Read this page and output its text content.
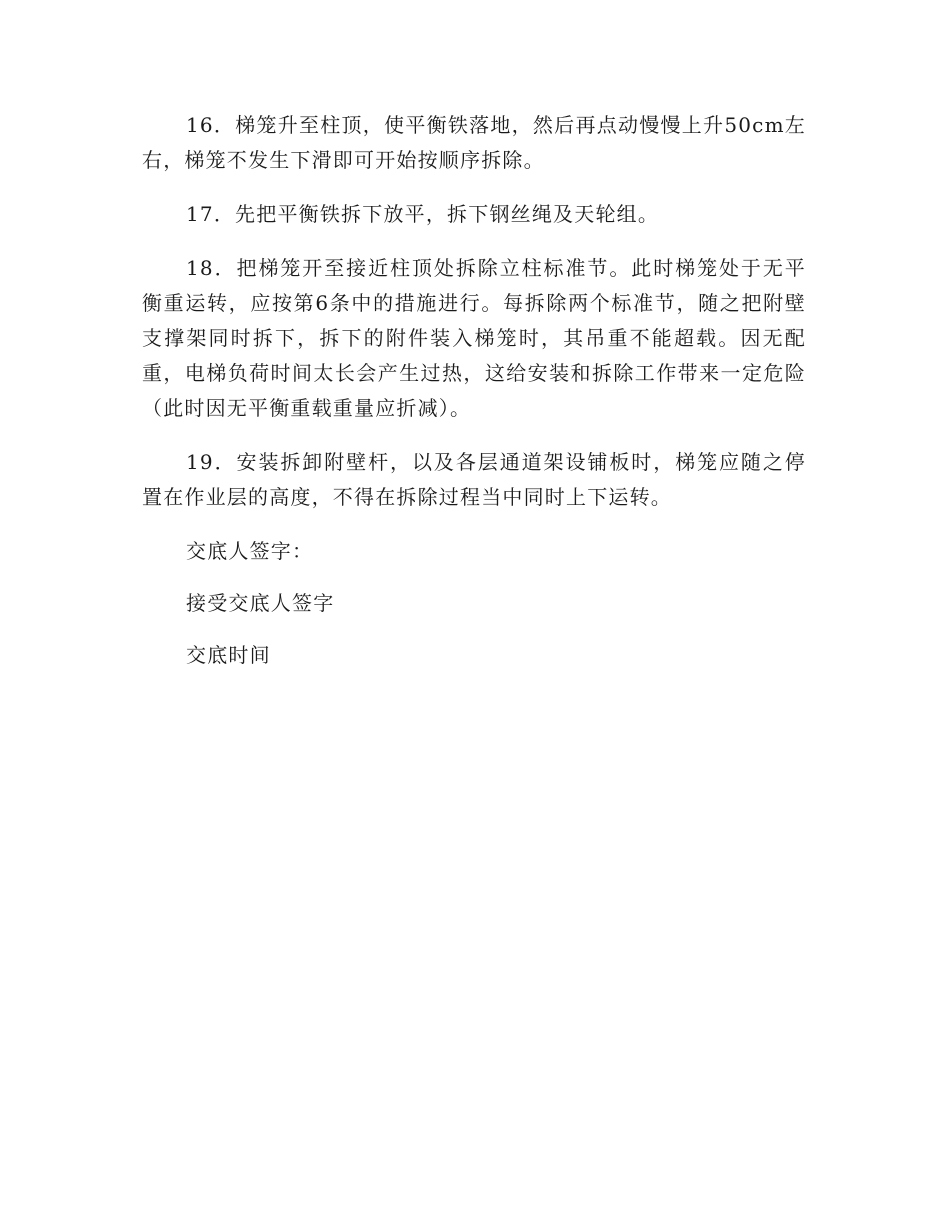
16．梯笼升至柱顶，使平衡铁落地，然后再点动慢慢上升50cm左右，梯笼不发生下滑即可开始按顺序拆除。

17．先把平衡铁拆下放平，拆下钢丝绳及天轮组。

18．把梯笼开至接近柱顶处拆除立柱标准节。此时梯笼处于无平衡重运转，应按第6条中的措施进行。每拆除两个标准节，随之把附壁支撑架同时拆下，拆下的附件装入梯笼时，其吊重不能超载。因无配重，电梯负荷时间太长会产生过热，这给安装和拆除工作带来一定危险（此时因无平衡重载重量应折减）。

19．安装拆卸附壁杆，以及各层通道架设铺板时，梯笼应随之停置在作业层的高度，不得在拆除过程当中同时上下运转。

交底人签字：

接受交底人签字

交底时间
